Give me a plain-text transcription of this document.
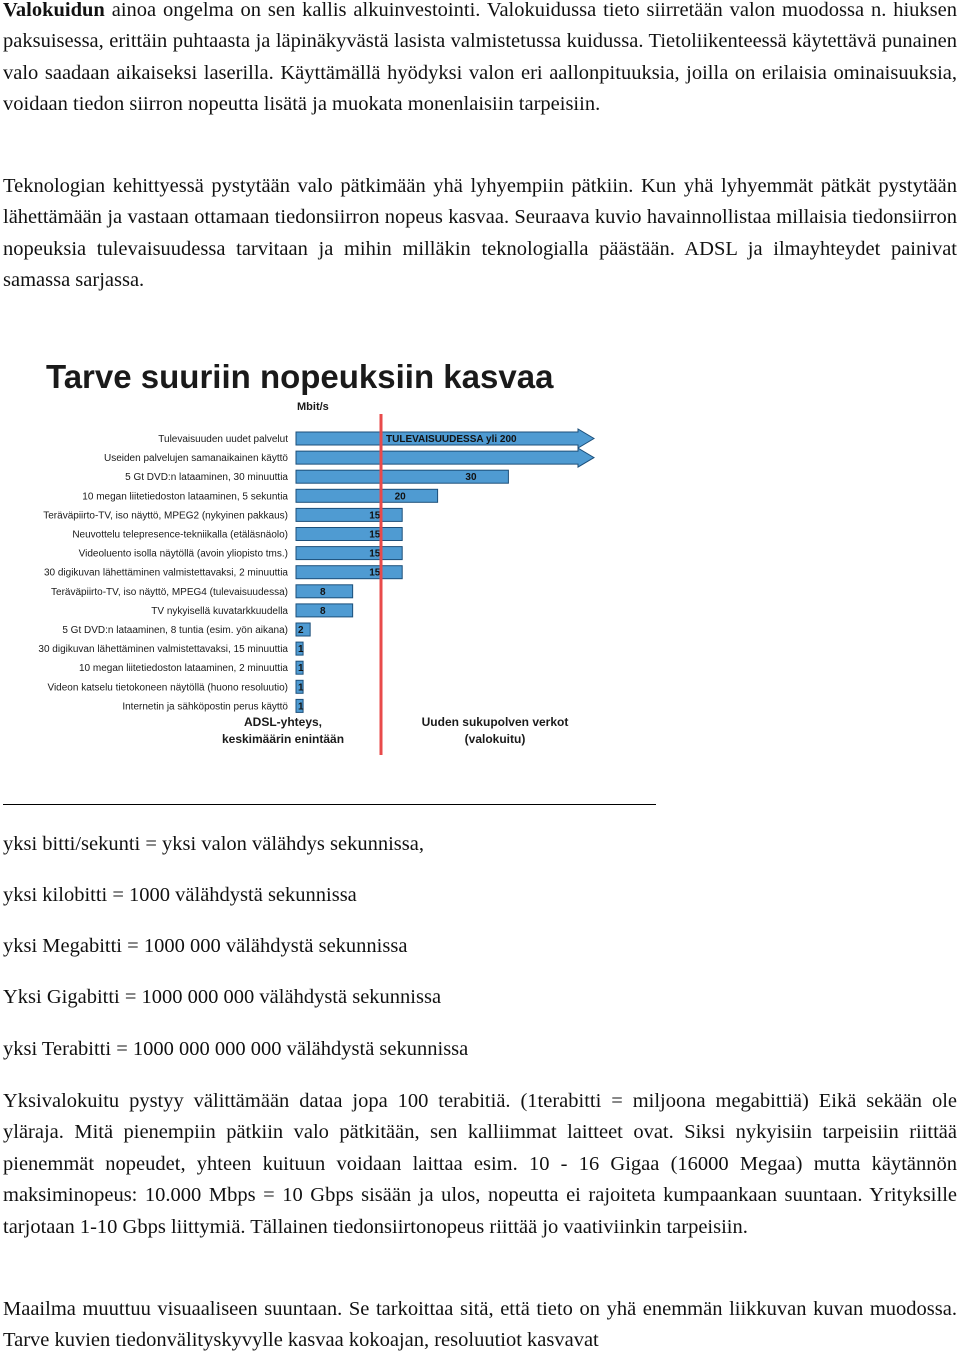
Valokuidun ainoa ongelma on sen kallis alkuinvestointi. Valokuidussa tieto siirretään valon muodossa n. hiuksen paksuisessa, erittäin puhtaasta ja läpinäkyvästä lasista valmistetussa kuidussa. Tietoliikenteessä käytettävä punainen valo saadaan aikaiseksi laserilla. Käyttämällä hyödyksi valon eri aallonpituuksia, joilla on erilaisia ominaisuuksia, voidaan tiedon siirron nopeutta lisätä ja muokata monenlaisiin tarpeisiin.

Teknologian kehittyessä pystytään valo pätkimään yhä lyhyempiin pätkiin. Kun yhä lyhyemmät pätkät pystytään lähettämään ja vastaan ottamaan tiedonsiirron nopeus kasvaa. Seuraava kuvio havainnollistaa millaisia tiedonsiirron nopeuksia tulevaisuudessa tarvitaan ja mihin milläkin teknologialla päästään. ADSL ja ilmayhteydet painivat samassa sarjassa.

Tarve suuriin nopeuksiin kasvaa
Mbit/s
Tulevaisuuden uudet palvelut
Useiden palvelujen samanaikainen käyttö
5 Gt DVD:n lataaminen, 30 minuuttia
10 megan liitetiedoston lataaminen, 5 sekuntia
Teräväpiirto-TV, iso näyttö, MPEG2 (nykyinen pakkaus)
Neuvottelu telepresence-tekniikalla (etäläsnäolo)
Videoluento isolla näytöllä (avoin yliopisto tms.)
30 digikuvan lähettäminen valmistettavaksi, 2 minuuttia
Teräväpiirto-TV, iso näyttö, MPEG4 (tulevaisuudessa)
TV nykyisellä kuvatarkkuudella
5 Gt DVD:n lataaminen, 8 tuntia (esim. yön aikana)
30 digikuvan lähettäminen valmistettavaksi, 15 minuuttia
10 megan liitetiedoston lataaminen, 2 minuuttia
Videon katselu tietokoneen näytöllä (huono resoluutio)
Internetin ja sähköpostin perus käyttö
30
20
15
15
15
15
8
8
2
1
1
1
1
TULEVAISUUDESSA yli 200
ADSL-yhteys,
keskimäärin enintään
Uuden sukupolven verkot
(valokuitu)

yksi bitti/sekunti = yksi valon välähdys sekunnissa,

yksi kilobitti = 1000 välähdystä sekunnissa

yksi Megabitti = 1000 000 välähdystä sekunnissa

Yksi Gigabitti = 1000 000 000 välähdystä sekunnissa

yksi Terabitti = 1000 000 000 000 välähdystä sekunnissa

Yksivalokuitu pystyy välittämään dataa jopa 100 terabitiä. (1terabitti = miljoona megabittiä) Eikä sekään ole yläraja. Mitä pienempiin pätkiin valo pätkitään, sen kalliimmat laitteet ovat. Siksi nykyisiin tarpeisiin riittää pienemmät nopeudet, yhteen kuituun voidaan laittaa esim. 10 - 16 Gigaa (16000 Megaa) mutta käytännön maksiminopeus: 10.000 Mbps = 10 Gbps sisään ja ulos, nopeutta ei rajoiteta kumpaankaan suuntaan. Yrityksille tarjotaan 1-10 Gbps liittymiä. Tällainen tiedonsiirtonopeus riittää jo vaativiinkin tarpeisiin.

Maailma muuttuu visuaaliseen suuntaan. Se tarkoittaa sitä, että tieto on yhä enemmän liikkuvan kuvan muodossa. Tarve kuvien tiedonvälityskyvylle kasvaa kokoajan, resoluutiot kasvavat
